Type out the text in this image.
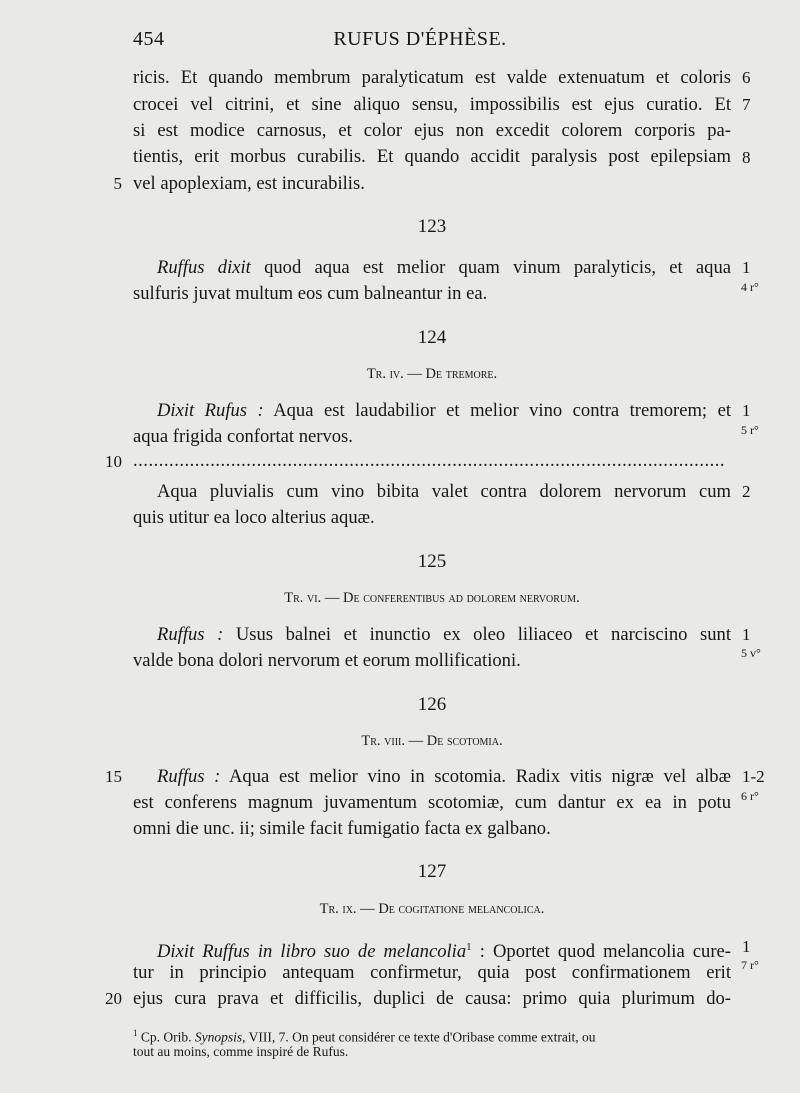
454	RUFUS D'ÉPHÈSE.
ricis. Et quando membrum paralyticatum est valde extenuatum et coloris
crocei vel citrini, et sine aliquo sensu, impossibilis est ejus curatio. Et
si est modice carnosus, et color ejus non excedit colorem corporis pa-
tientis, erit morbus curabilis. Et quando accidit paralysis post epilepsiam
vel apoplexiam, est incurabilis.
6
7
8
5
123
Ruffus dixit quod aqua est melior quam vinum paralyticis, et aqua
sulfuris juvat multum eos cum balneantur in ea.
1
4 r°
124
Tr. iv. — De tremore.
Dixit Rufus : Aqua est laudabilior et melior vino contra tremorem; et
aqua frigida confortat nervos.
1
5 r°
...................................................................................................................
10
Aqua pluvialis cum vino bibita valet contra dolorem nervorum cum
quis utitur ea loco alterius aquæ.
2
125
Tr. vi. — De conferentibus ad dolorem nervorum.
Ruffus : Usus balnei et inunctio ex oleo liliaceo et narciscino sunt
valde bona dolori nervorum et eorum mollificationi.
1
5 v°
126
Tr. viii. — De scotomia.
Ruffus : Aqua est melior vino in scotomia. Radix vitis nigræ vel albæ
est conferens magnum juvamentum scotomiæ, cum dantur ex ea in potu
omni die unc. ii; simile facit fumigatio facta ex galbano.
15	1-2
6 r°
127
Tr. ix. — De cogitatione melancolica.
Dixit Ruffus in libro suo de melancolia$^1$ : Oportet quod melancolia cure-
tur in principio antequam confirmetur, quia post confirmationem erit
ejus cura prava et difficilis, duplici de causa: primo quia plurimum do-
1
7 r°
20
$^1$ Cp. Orib. Synopsis, VIII, 7. On peut considérer ce texte d'Oribase comme extrait, ou
tout au moins, comme inspiré de Rufus.
